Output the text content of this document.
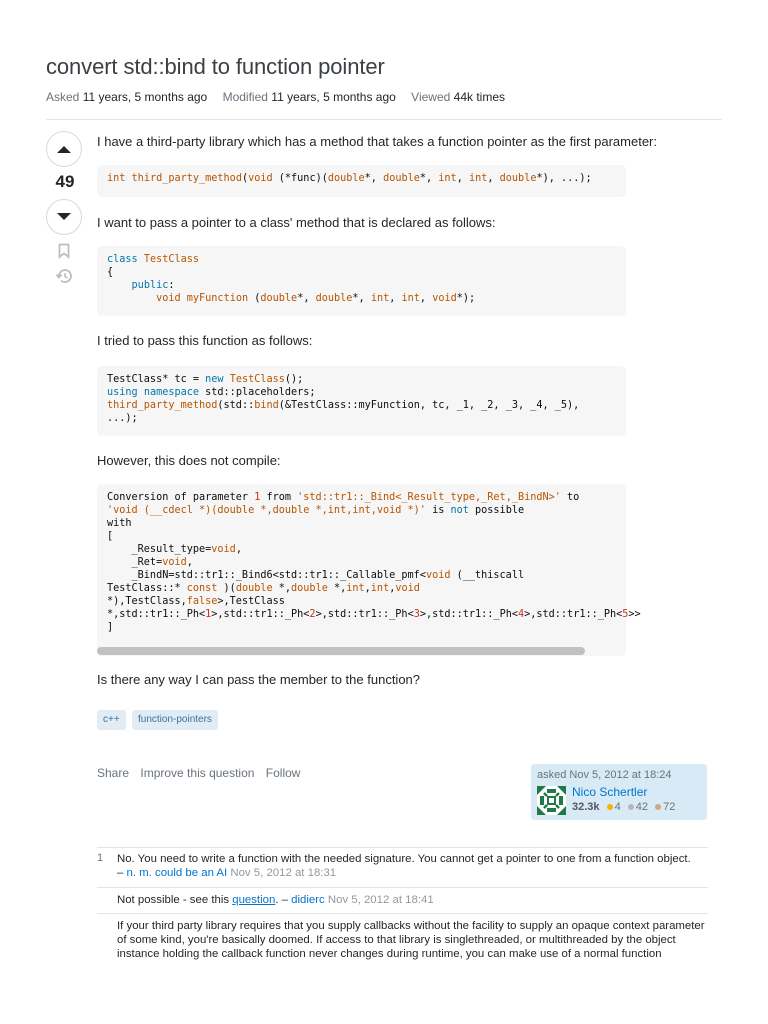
convert std::bind to function pointer
Asked 11 years, 5 months ago Modified 11 years, 5 months ago Viewed 44k times
49

I have a third-party library which has a method that takes a function pointer as the first parameter:

int third_party_method(void (*func)(double*, double*, int, int, double*), ...);

I want to pass a pointer to a class' method that is declared as follows:

class TestClass
{
public:
void myFunction (double*, double*, int, int, void*);

I tried to pass this function as follows:

TestClass* tc = new TestClass();
using namespace std::placeholders;
third_party_method(std::bind(&TestClass::myFunction, tc, _1, _2, _3, _4, _5),
...);

However, this does not compile:

Conversion of parameter 1 from 'std::tr1::_Bind<_Result_type,_Ret,_BindN>' to
'void (__cdecl *)(double *,double *,int,int,void *)' is not possible
with
[
_Result_type=void,
_Ret=void,
_BindN=std::tr1::_Bind6<std::tr1::_Callable_pmf<void (__thiscall
TestClass::* const )(double *,double *,int,int,void
*),TestClass,false>,TestClass
*,std::tr1::_Ph<1>,std::tr1::_Ph<2>,std::tr1::_Ph<3>,std::tr1::_Ph<4>,std::tr1::_Ph<5>>
]

Is there any way I can pass the member to the function?

c++	function-pointers
Share Improve this question Follow	asked Nov 5, 2012 at 18:24
Nico Schertler
32.3k 4 42 72
1 No. You need to write a function with the needed signature. You cannot get a pointer to one from a function object.
– n. m. could be an AI Nov 5, 2012 at 18:31
Not possible - see this question. – didierc Nov 5, 2012 at 18:41
If your third party library requires that you supply callbacks without the facility to supply an opaque context parameter of some kind, you're basically doomed. If access to that library is singlethreaded, or multithreaded by the object instance holding the callback function never changes during runtime, you can make use of a normal function
